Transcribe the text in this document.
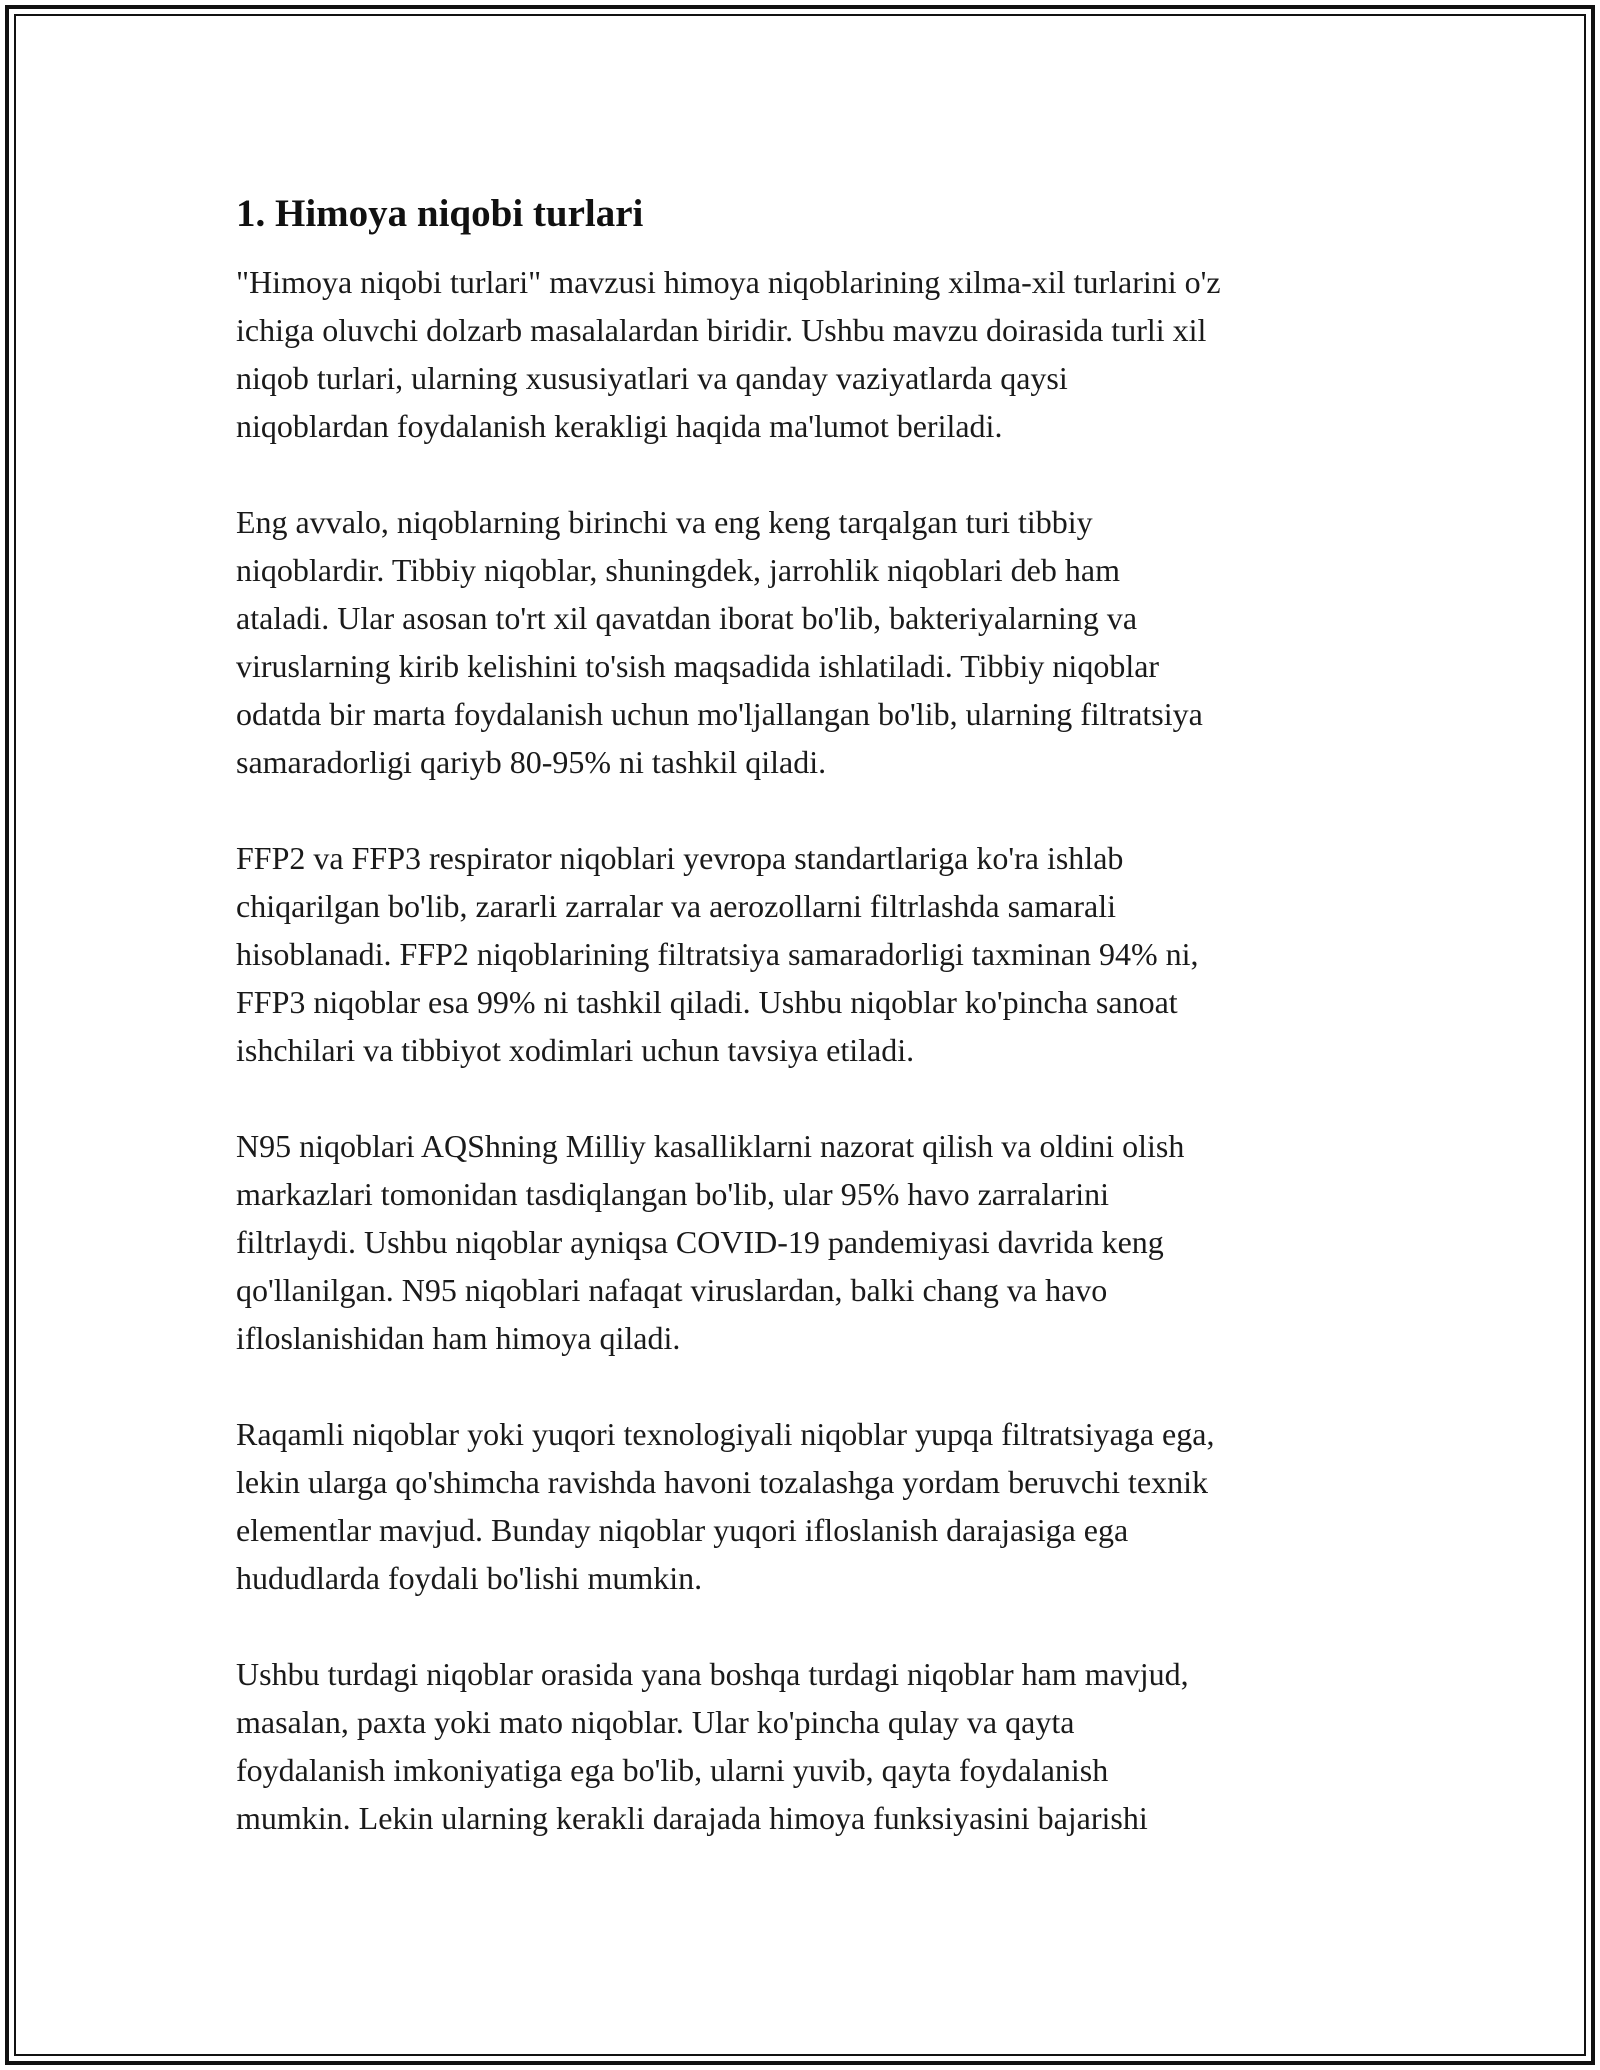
1. Himoya niqobi turlari

"Himoya niqobi turlari" mavzusi himoya niqoblarining xilma-xil turlarini o'z
ichiga oluvchi dolzarb masalalardan biridir. Ushbu mavzu doirasida turli xil
niqob turlari, ularning xususiyatlari va qanday vaziyatlarda qaysi
niqoblardan foydalanish kerakligi haqida ma'lumot beriladi.

Eng avvalo, niqoblarning birinchi va eng keng tarqalgan turi tibbiy
niqoblardir. Tibbiy niqoblar, shuningdek, jarrohlik niqoblari deb ham
ataladi. Ular asosan to'rt xil qavatdan iborat bo'lib, bakteriyalarning va
viruslarning kirib kelishini to'sish maqsadida ishlatiladi. Tibbiy niqoblar
odatda bir marta foydalanish uchun mo'ljallangan bo'lib, ularning filtratsiya
samaradorligi qariyb 80-95% ni tashkil qiladi.

FFP2 va FFP3 respirator niqoblari yevropa standartlariga ko'ra ishlab
chiqarilgan bo'lib, zararli zarralar va aerozollarni filtrlashda samarali
hisoblanadi. FFP2 niqoblarining filtratsiya samaradorligi taxminan 94% ni,
FFP3 niqoblar esa 99% ni tashkil qiladi. Ushbu niqoblar ko'pincha sanoat
ishchilari va tibbiyot xodimlari uchun tavsiya etiladi.

N95 niqoblari AQShning Milliy kasalliklarni nazorat qilish va oldini olish
markazlari tomonidan tasdiqlangan bo'lib, ular 95% havo zarralarini
filtrlaydi. Ushbu niqoblar ayniqsa COVID-19 pandemiyasi davrida keng
qo'llanilgan. N95 niqoblari nafaqat viruslardan, balki chang va havo
ifloslanishidan ham himoya qiladi.

Raqamli niqoblar yoki yuqori texnologiyali niqoblar yupqa filtratsiyaga ega,
lekin ularga qo'shimcha ravishda havoni tozalashga yordam beruvchi texnik
elementlar mavjud. Bunday niqoblar yuqori ifloslanish darajasiga ega
hududlarda foydali bo'lishi mumkin.

Ushbu turdagi niqoblar orasida yana boshqa turdagi niqoblar ham mavjud,
masalan, paxta yoki mato niqoblar. Ular ko'pincha qulay va qayta
foydalanish imkoniyatiga ega bo'lib, ularni yuvib, qayta foydalanish
mumkin. Lekin ularning kerakli darajada himoya funksiyasini bajarishi
